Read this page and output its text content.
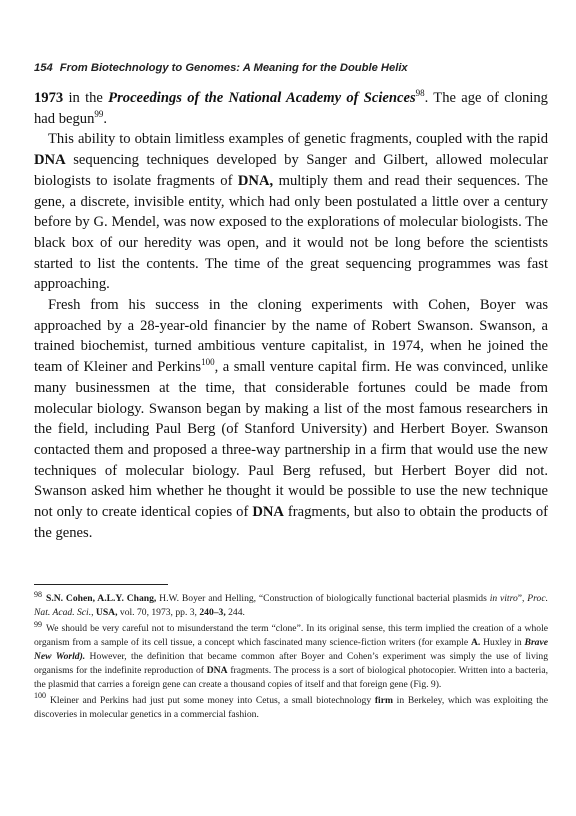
154 From Biotechnology to Genomes: A Meaning for the Double Helix

1973 in the Proceedings of the National Academy of Sciences$^{98}$. The age of cloning had begun$^{99}$.

This ability to obtain limitless examples of genetic fragments, coupled with the rapid DNA sequencing techniques developed by Sanger and Gilbert, allowed molecular biologists to isolate fragments of DNA, multiply them and read their sequences. The gene, a discrete, invisible entity, which had only been postulated a little over a century before by G. Mendel, was now exposed to the explorations of molecular biologists. The black box of our heredity was open, and it would not be long before the scientists started to list the contents. The time of the great sequencing programmes was fast approaching.

Fresh from his success in the cloning experiments with Cohen, Boyer was approached by a 28-year-old financier by the name of Robert Swanson. Swanson, a trained biochemist, turned ambitious venture capitalist, in 1974, when he joined the team of Kleiner and Perkins$^{100}$, a small venture capital firm. He was convinced, unlike many businessmen at the time, that considerable fortunes could be made from molecular biology. Swanson began by making a list of the most famous researchers in the field, including Paul Berg (of Stanford University) and Herbert Boyer. Swanson contacted them and proposed a three-way partnership in a firm that would use the new techniques of molecular biology. Paul Berg refused, but Herbert Boyer did not. Swanson asked him whether he thought it would be possible to use the new technique not only to create identical copies of DNA fragments, but also to obtain the products of the genes.

$^{98}$ S.N. Cohen, A.L.Y. Chang, H.W. Boyer and Helling, “Construction of biologically functional bacterial plasmids in vitro”, Proc. Nat. Acad. Sci., USA, vol. 70, 1973, pp. 3, 240–3, 244.

$^{99}$ We should be very careful not to misunderstand the term “clone”. In its original sense, this term implied the creation of a whole organism from a sample of its cell tissue, a concept which fascinated many science-fiction writers (for example A. Huxley in Brave New World). However, the definition that became common after Boyer and Cohen’s experiment was simply the use of living organisms for the indefinite reproduction of DNA fragments. The process is a sort of biological photocopier. Written into a bacteria, the plasmid that carries a foreign gene can create a thousand copies of itself and that foreign gene (Fig. 9).

$^{100}$ Kleiner and Perkins had just put some money into Cetus, a small biotechnology firm in Berkeley, which was exploiting the discoveries in molecular genetics in a commercial fashion.
